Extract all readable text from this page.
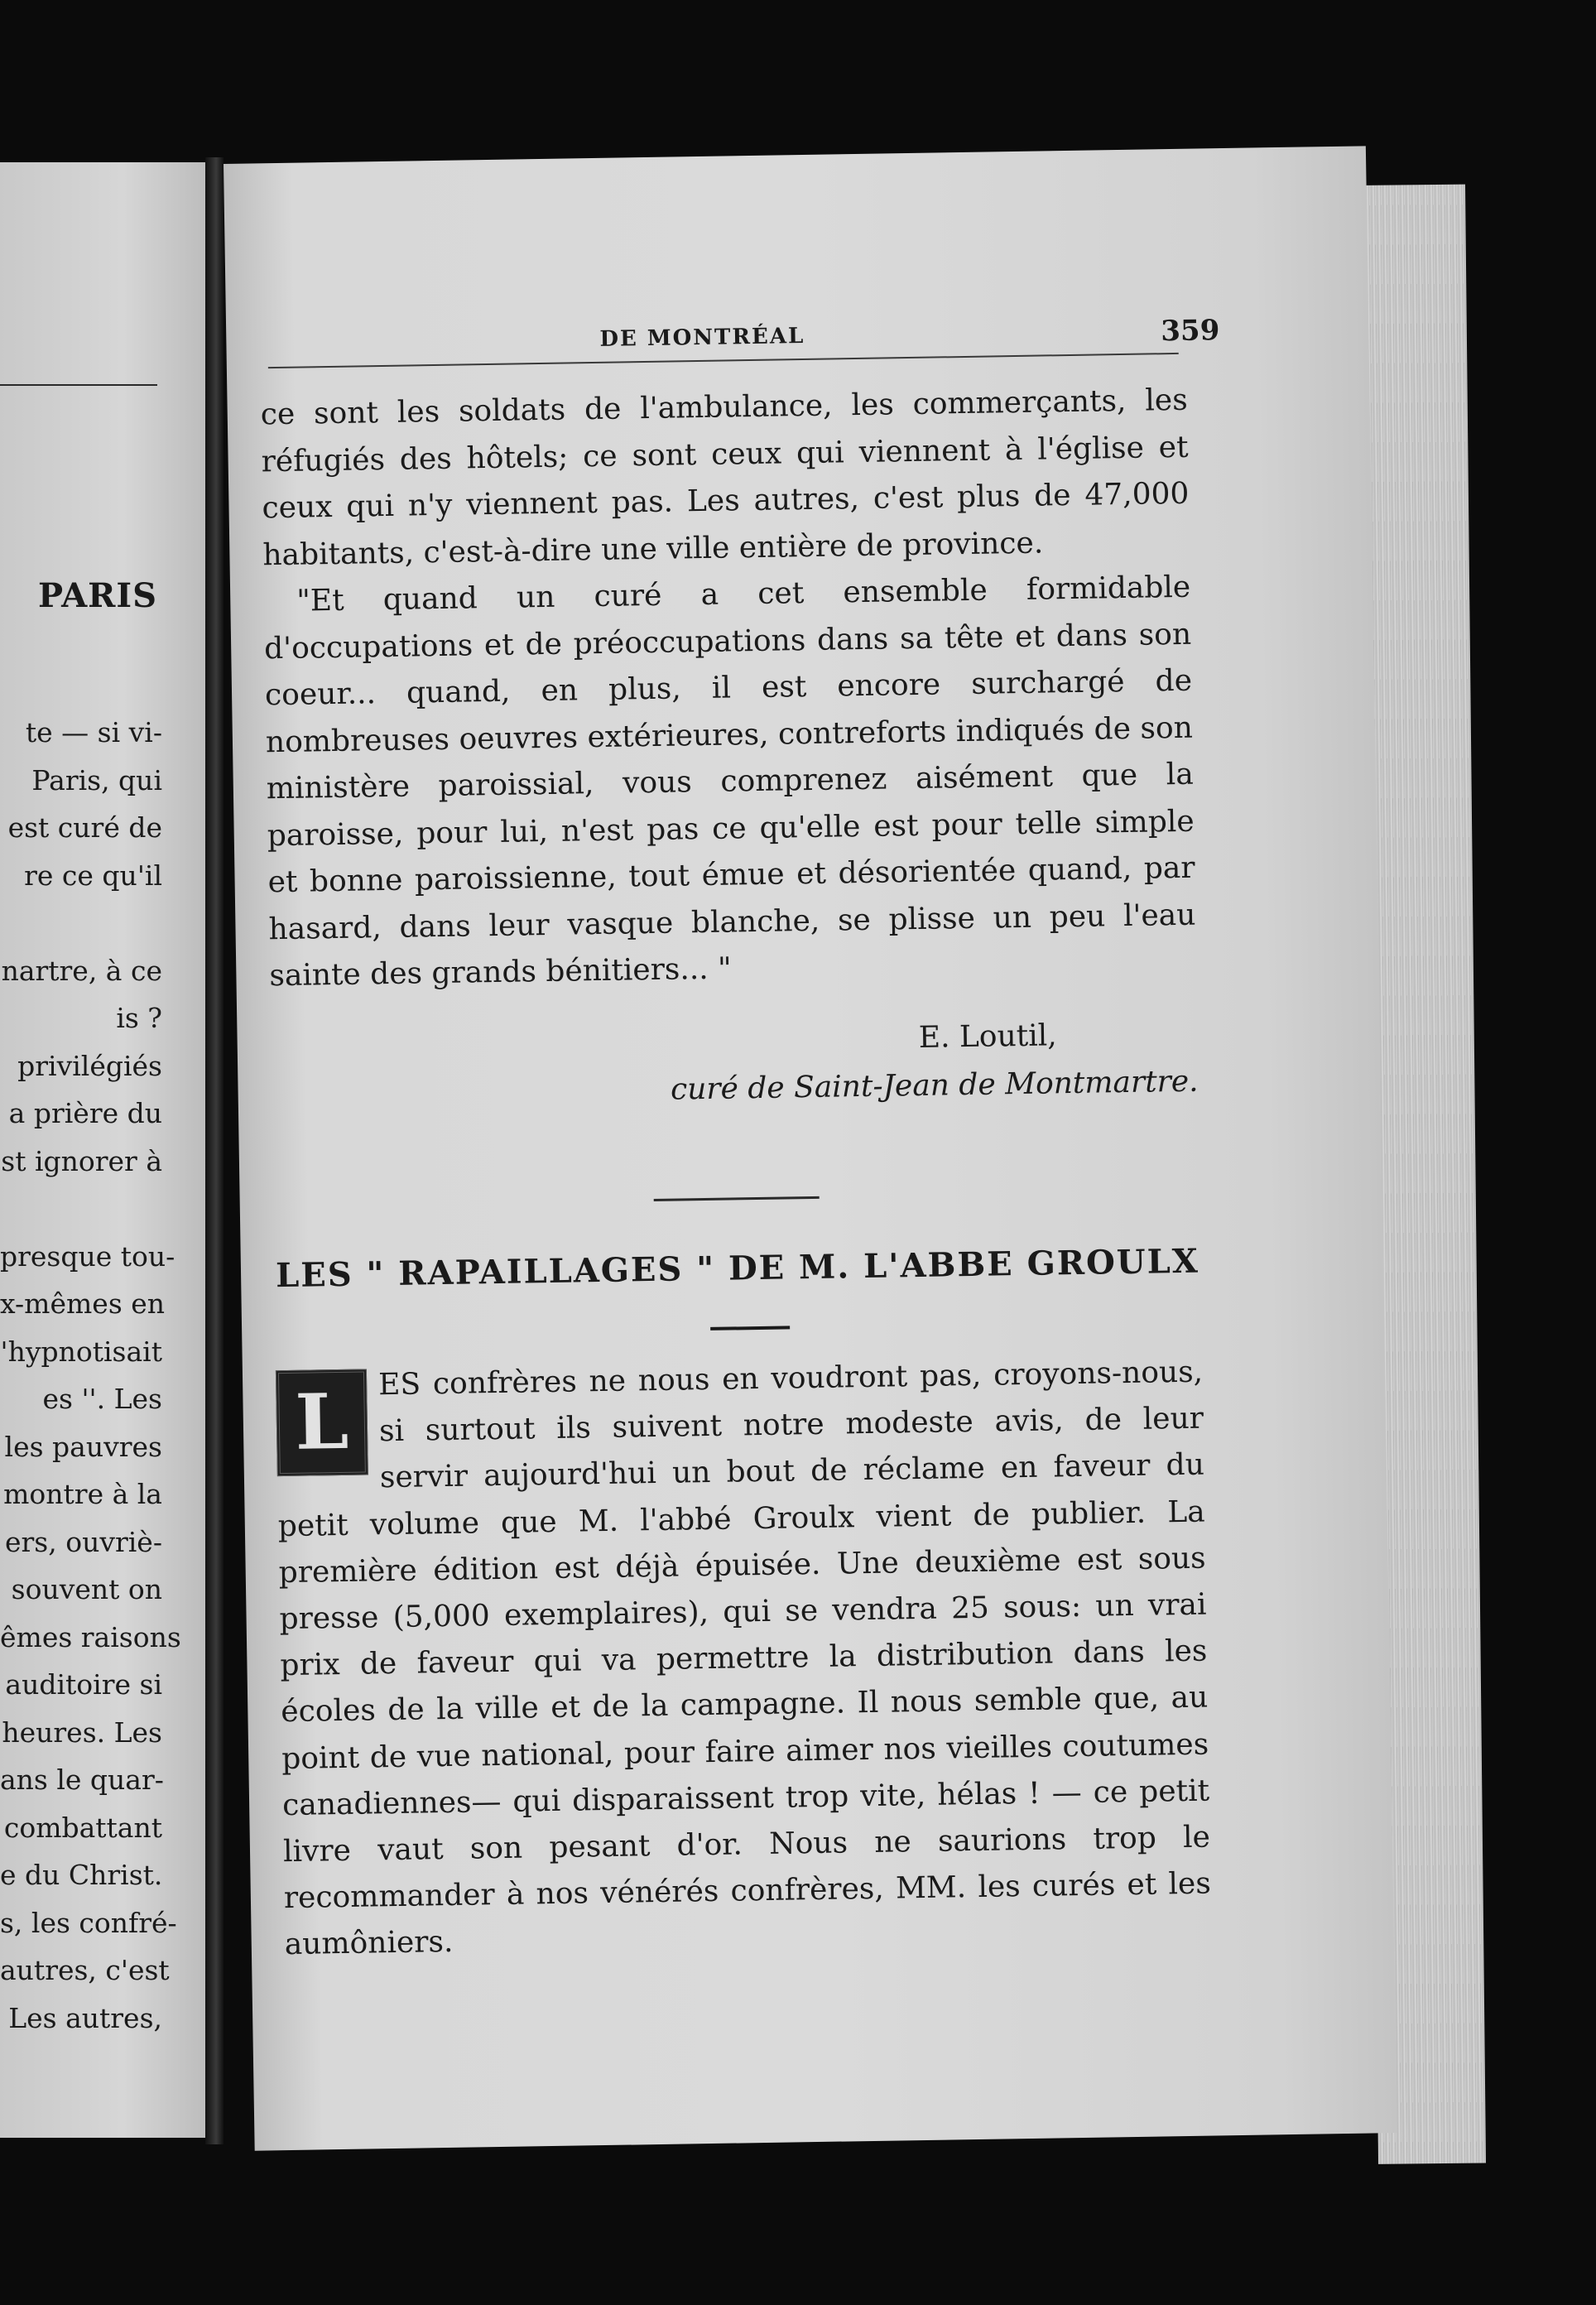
PARIS
te — si vi-
Paris, qui
est curé de
re ce qu'il

nartre, à ce
is ?
privilégiés
a prière du
st ignorer à

presque tou-
x-mêmes en
'hypnotisait
es ''. Les
les pauvres
montre à la
ers, ouvriè-
souvent on
êmes raisons
auditoire si
heures. Les
ans le quar-
combattant
e du Christ.
s, les confré-
autres, c'est
Les autres,
DE MONTRÉAL	359

ce sont les soldats de l'ambulance, les commerçants, les réfugiés des hôtels; ce sont ceux qui viennent à l'église et ceux qui n'y viennent pas. Les autres, c'est plus de 47,000 habitants, c'est-à-dire une ville entière de province.

"Et quand un curé a cet ensemble formidable d'occupations et de préoccupations dans sa tête et dans son coeur... quand, en plus, il est encore surchargé de nombreuses oeuvres extérieures, contreforts indiqués de son ministère paroissial, vous comprenez aisément que la paroisse, pour lui, n'est pas ce qu'elle est pour telle simple et bonne paroissienne, tout émue et désorientée quand, par hasard, dans leur vasque blanche, se plisse un peu l'eau sainte des grands bénitiers... "

E. Loutil,
curé de Saint-Jean de Montmartre.
LES " RAPAILLAGES " DE M. L'ABBE GROULX
L ES confrères ne nous en voudront pas, croyons-nous, si surtout ils suivent notre modeste avis, de leur servir aujourd'hui un bout de réclame en faveur du petit volume que M. l'abbé Groulx vient de publier. La première édition est déjà épuisée. Une deuxième est sous presse (5,000 exemplaires), qui se vendra 25 sous: un vrai prix de faveur qui va permettre la distribution dans les écoles de la ville et de la campagne. Il nous semble que, au point de vue national, pour faire aimer nos vieilles coutumes canadiennes— qui disparaissent trop vite, hélas ! — ce petit livre vaut son pesant d'or. Nous ne saurions trop le recommander à nos vénérés confrères, MM. les curés et les aumôniers.
